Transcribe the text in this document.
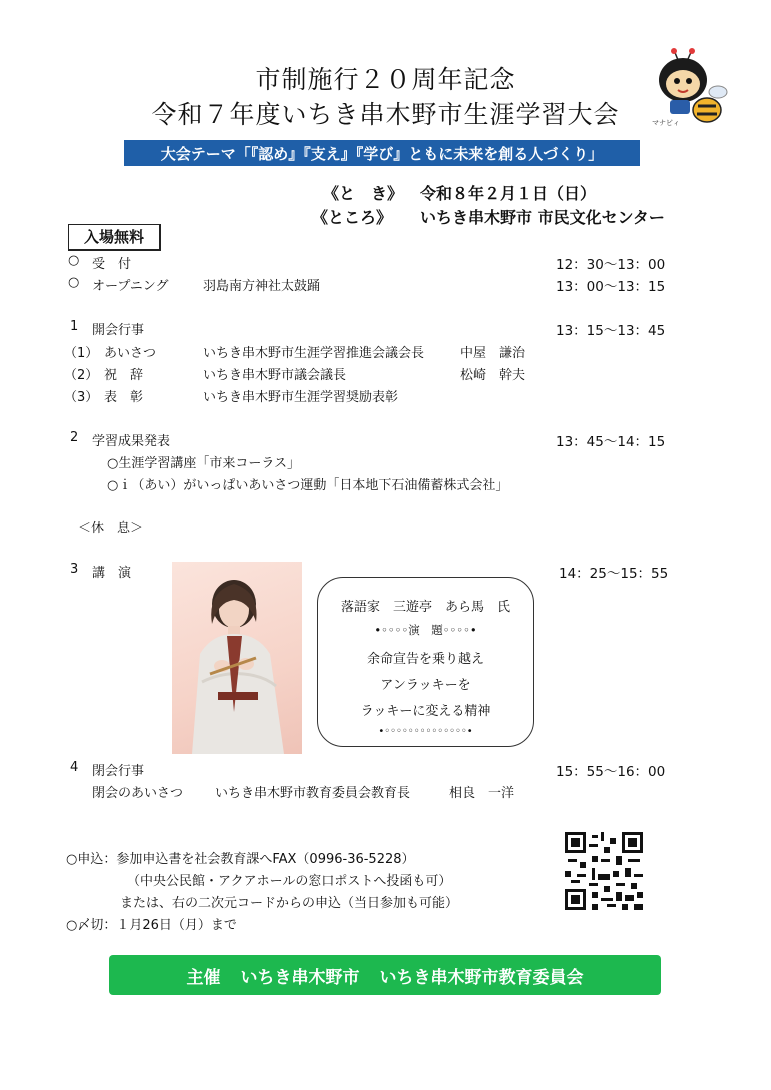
市制施行２０周年記念
令和７年度いちき串木野市生涯学習大会	マナビィ
大会テーマ「『認め』『支え』『学び』ともに未来を創る人づくり」
《と　き》 令和８年２月１日（日）
《ところ》 いちき串木野市 市民文化センター
入場無料
○ 受　付	12：30〜13：00
○ オープニング	羽島南方神社太鼓踊	13：00〜13：15
1 開会行事	13：15〜13：45
（1） あいさつ	いちき串木野市生涯学習推進会議会長	中屋　謙治
（2） 祝　辞	いちき串木野市議会議長	松崎　幹夫
（3） 表　彰	いちき串木野市生涯学習奨励表彰
2 学習成果発表	13：45〜14：15
○生涯学習講座「市来コーラス」
○ｉ（あい）がいっぱいあいさつ運動「日本地下石油備蓄株式会社」
＜休　息＞
3 講　演	14：25〜15：55
落語家　三遊亭　あら馬　氏
•◦◦◦◦演　題◦◦◦◦•
余命宣告を乗り越え
アンラッキーを
ラッキーに変える精神
•◦◦◦◦◦◦◦◦◦◦◦◦◦◦•
4 閉会行事	15：55〜16：00
閉会のあいさつ いちき串木野市教育委員会教育長	相良　一洋
○申込：参加申込書を社会教育課へFAX（0996-36-5228）
（中央公民館・アクアホールの窓口ポストへ投函も可）
または、右の二次元コードからの申込（当日参加も可能）
○〆切：１月26日（月）まで
主催 いちき串木野市 いちき串木野市教育委員会
